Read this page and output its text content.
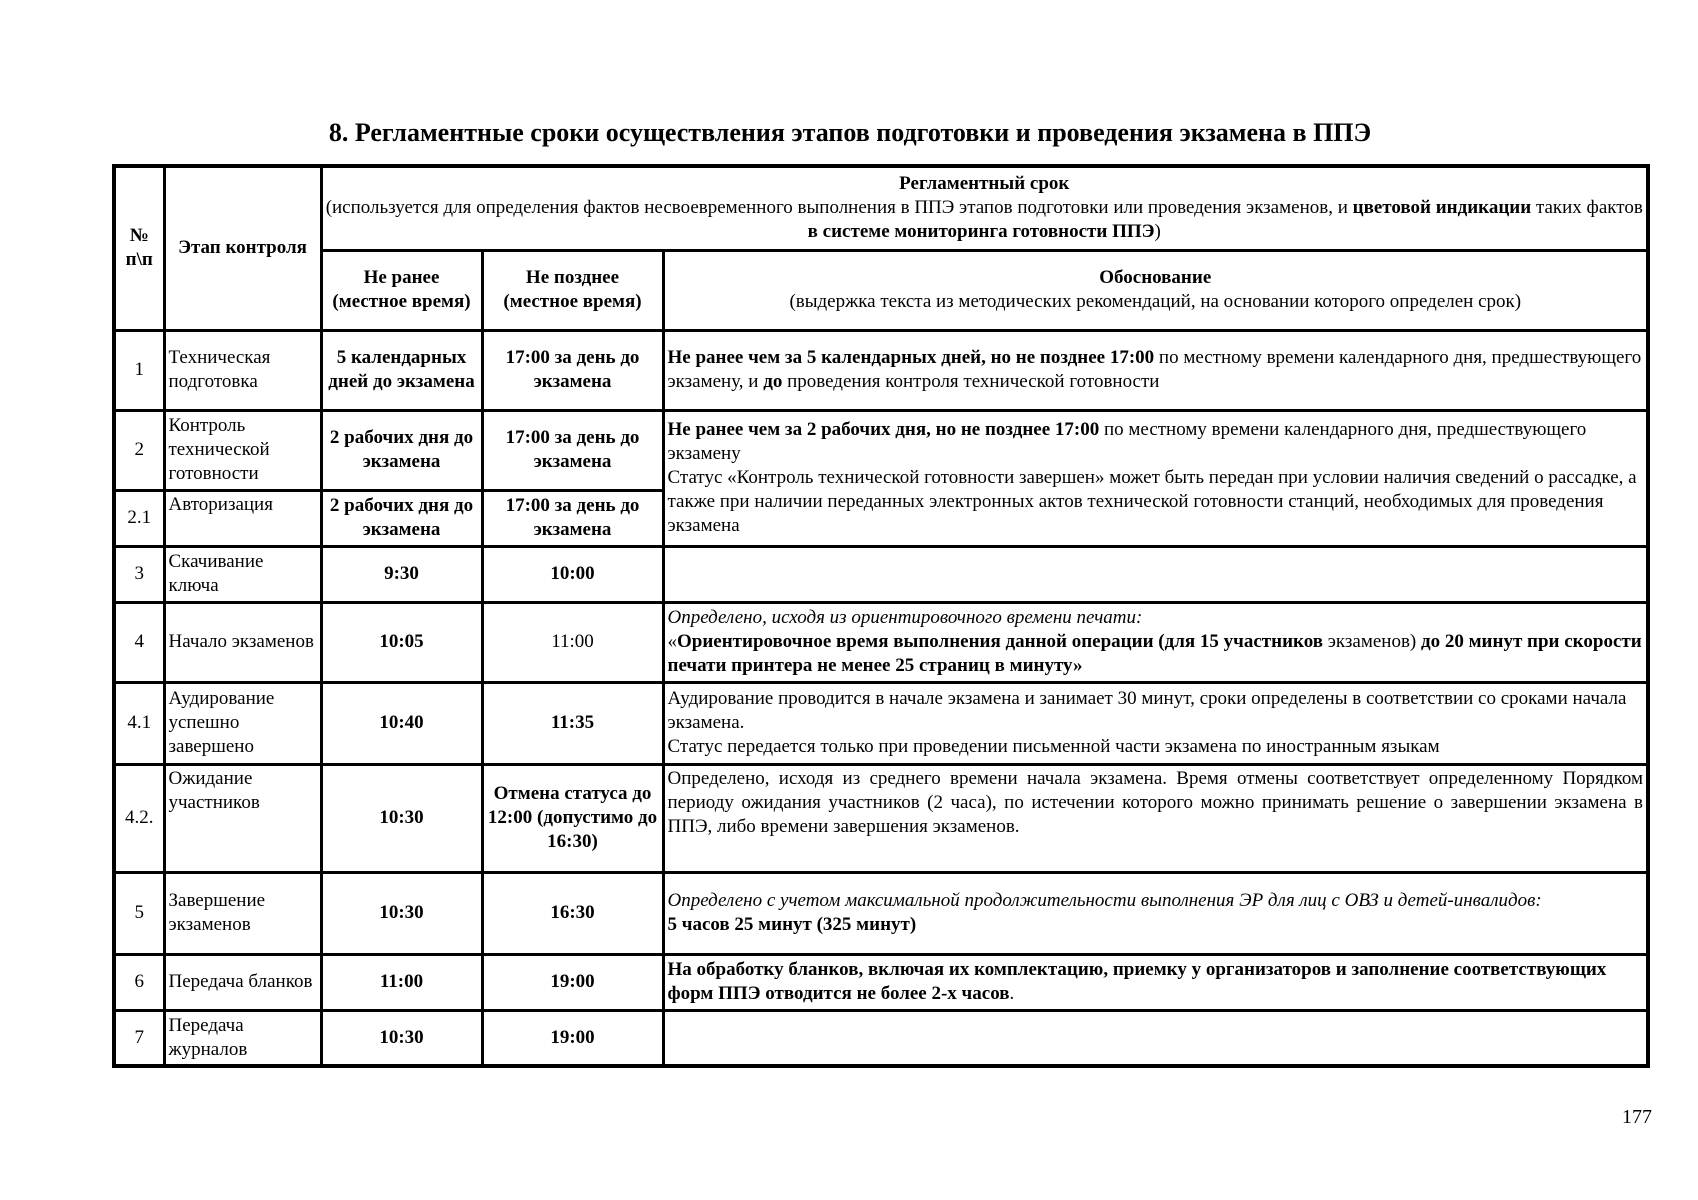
8. Регламентные сроки осуществления этапов подготовки и проведения экзамена в ППЭ
№ п\п	Этап контроля	Регламентный срок
(используется для определения фактов несвоевременного выполнения в ППЭ этапов подготовки или проведения экзаменов, и цветовой индикации таких фактов в системе мониторинга готовности ППЭ)		

		Не ранее (местное время)	Не позднее (местное время)	Обоснование
(выдержка текста из методических рекомендаций, на основании которого определен срок)

1	Техническая подготовка	5 календарных дней до экзамена	17:00 за день до экзамена	Не ранее чем за 5 календарных дней, но не позднее 17:00 по местному времени календарного дня, предшествующего экзамену, и до проведения контроля технической готовности
2	Контроль технической готовности	2 рабочих дня до экзамена	17:00 за день до экзамена	Не ранее чем за 2 рабочих дня, но не позднее 17:00 по местному времени календарного дня, предшествующего экзамену

Статус «Контроль технической готовности завершен» может быть передан при условии наличия сведений о рассадке, а также при наличии переданных электронных актов технической готовности станций, необходимых для проведения экзамена

2.1	Авторизация	2 рабочих дня до экзамена	17:00 за день до экзамена	
3	Скачивание ключа	9:30	10:00	
4	Начало экзаменов	10:05	11:00	Определено, исходя из ориентировочного времени печати:

«Ориентировочное время выполнения данной операции (для 15 участников экзаменов) до 20 минут при скорости печати принтера не менее 25 страниц в минуту»

4.1	Аудирование успешно завершено	10:40	11:35	Аудирование проводится в начале экзамена и занимает 30 минут, сроки определены в соответствии со сроками начала экзамена.

Статус передается только при проведении письменной части экзамена по иностранным языкам

4.2.	Ожидание участников	10:30	Отмена статуса до 12:00 (допустимо до 16:30)	Определено, исходя из среднего времени начала экзамена. Время отмены соответствует определенному Порядком периоду ожидания участников (2 часа), по истечении которого можно принимать решение о завершении экзамена в ППЭ, либо времени завершения экзаменов.
5	Завершение экзаменов	10:30	16:30	Определено с учетом максимальной продолжительности выполнения ЭР для лиц с ОВЗ и детей-инвалидов:

5 часов 25 минут (325 минут)

6	Передача бланков	11:00	19:00	На обработку бланков, включая их комплектацию, приемку у организаторов и заполнение соответствующих форм ППЭ отводится не более 2-х часов.
7	Передача журналов	10:30	19:00	
177
